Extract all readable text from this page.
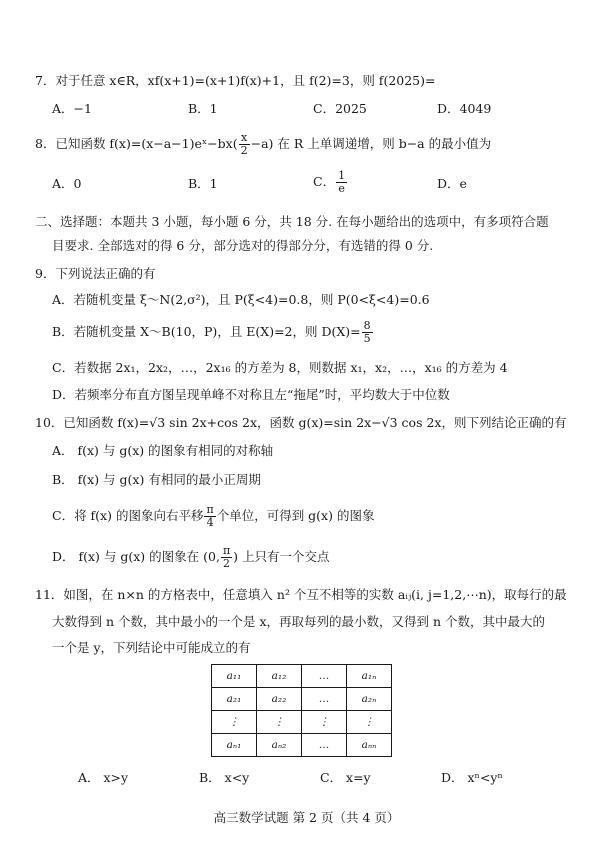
7．对于任意 x∈R，xf(x+1)=(x+1)f(x)+1，且 f(2)=3，则 f(2025)=
A．−1	B．1	C．2025	D．4049
8．已知函数 f(x)=(x−a−1)eˣ−bx( $\frac{x}{2} -a$) 在 R 上单调递增，则 b−a 的最小值为
A．0	B．1	C． $\frac{1}{e}$	D．e
二、选择题：本题共 3 小题，每小题 6 分，共 18 分. 在每小题给出的选项中，有多项符合题
目要求. 全部选对的得 6 分，部分选对的得部分分，有选错的得 0 分.
9．下列说法正确的有
A．若随机变量 ξ～N(2,σ²)，且 P(ξ<4)=0.8，则 P(0<ξ<4)=0.6
B．若随机变量 X～B(10，P)，且 E(X)=2，则 $D(X)= \frac{8}{5}$
C．若数据 2x₁，2x₂，…，2x₁₆ 的方差为 8，则数据 x₁，x₂，…，x₁₆ 的方差为 4
D．若频率分布直方图呈现单峰不对称且左“拖尾”时，平均数大于中位数
10．已知函数 f(x)=√3 sin 2x+cos 2x，函数 g(x)=sin 2x−√3 cos 2x，则下列结论正确的有
A． f(x) 与 g(x) 的图象有相同的对称轴
B． f(x) 与 g(x) 有相同的最小正周期
C．将 f(x) 的图象向右平移 $\frac{\pi}{4}$ 个单位，可得到 g(x) 的图象
D． f(x) 与 g(x) 的图象在 (0, $\frac{\pi}{2}$ ) 上只有一个交点
11．如图，在 n×n 的方格表中，任意填入 n² 个互不相等的实数 aᵢⱼ(i, j=1,2,⋯n)，取每行的最
大数得到 n 个数，其中最小的一个是 x，再取每列的最小数，又得到 n 个数，其中最大的
一个是 y，下列结论中可能成立的有
a₁₁	a₁₂	…	a₁ₙ
a₂₁	a₂₂	…	a₂ₙ
⋮	⋮	⋮	⋮
aₙ₁	aₙ₂	…	aₙₙ
A． x>y	B． x<y	C． x=y	D． xⁿ<yⁿ
高三数学试题 第 2 页（共 4 页）
